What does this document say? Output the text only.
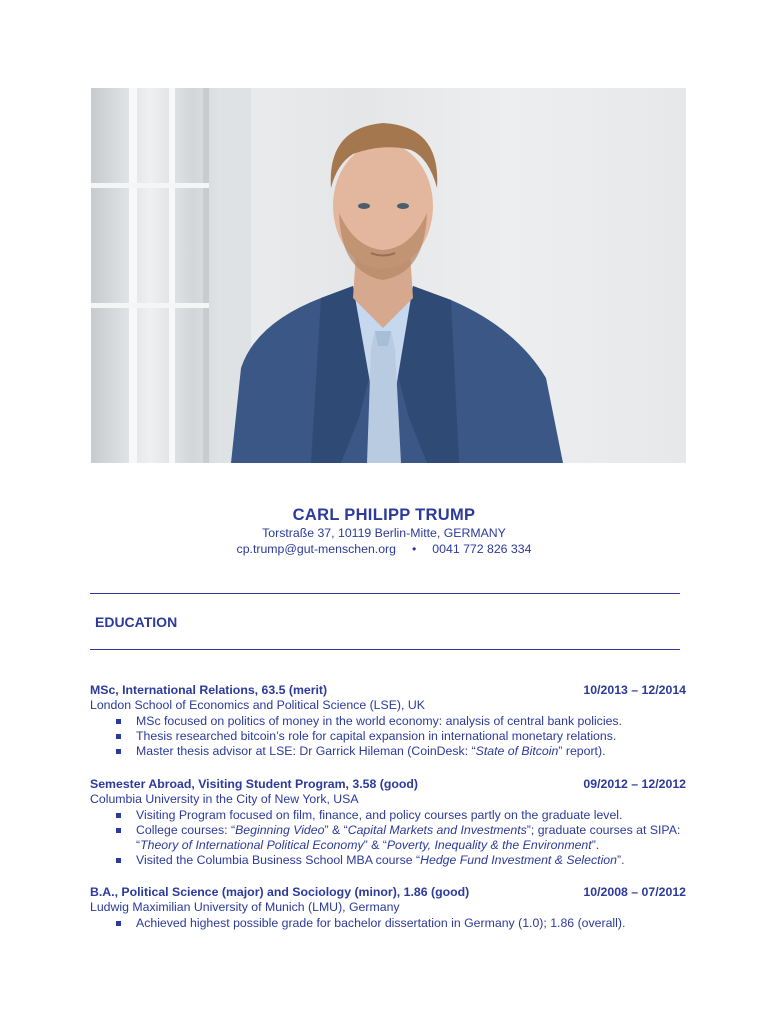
CARL PHILIPP TRUMP
Torstraße 37, 10119 Berlin-Mitte, GERMANY
cp.trump@gut-menschen.org • 0041 772 826 334
EDUCATION
MSc, International Relations, 63.5 (merit)	10/2013 – 12/2014
London School of Economics and Political Science (LSE), UK
MSc focused on politics of money in the world economy: analysis of central bank policies.
Thesis researched bitcoin’s role for capital expansion in international monetary relations.
Master thesis advisor at LSE: Dr Garrick Hileman (CoinDesk: “State of Bitcoin” report).
Semester Abroad, Visiting Student Program, 3.58 (good)	09/2012 – 12/2012
Columbia University in the City of New York, USA
Visiting Program focused on film, finance, and policy courses partly on the graduate level.
College courses: “Beginning Video” & “Capital Markets and Investments”; graduate courses at SIPA: “Theory of International Political Economy” & “Poverty, Inequality & the Environment”.
Visited the Columbia Business School MBA course “Hedge Fund Investment & Selection”.
B.A., Political Science (major) and Sociology (minor), 1.86 (good)	10/2008 – 07/2012
Ludwig Maximilian University of Munich (LMU), Germany
Achieved highest possible grade for bachelor dissertation in Germany (1.0); 1.86 (overall).
